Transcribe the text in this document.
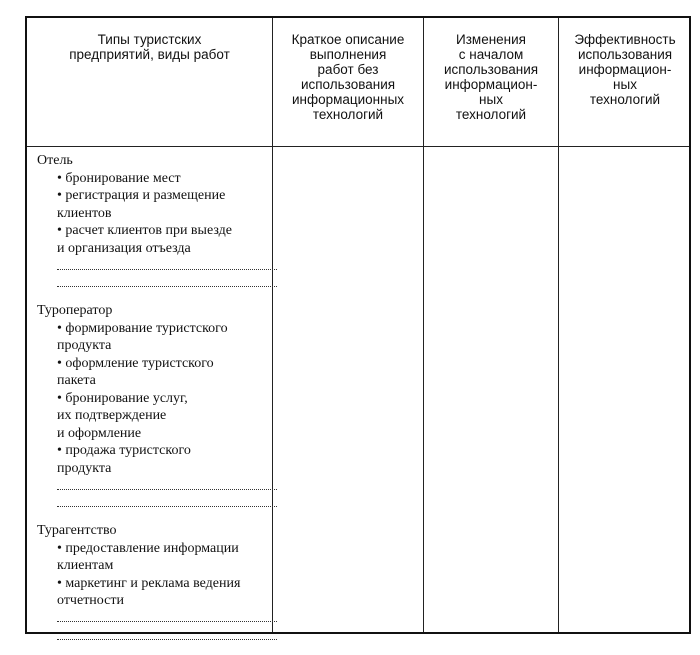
Типы туристских
предприятий, виды работ
Краткое описание
выполнения
работ без
использования
информационных
технологий
Изменения
с началом
использования
информацион-
ных
технологий
Эффективность
использования
информацион-
ных
технологий
Отель
• бронирование мест
• регистрация и размещение
клиентов
• расчет клиентов при выезде
и организация отъезда
Туроператор
• формирование туристского
продукта
• оформление туристского
пакета
• бронирование услуг,
их подтверждение
и оформление
• продажа туристского
продукта
Турагентство
• предоставление информации
клиентам
• маркетинг и реклама ведения
отчетности
